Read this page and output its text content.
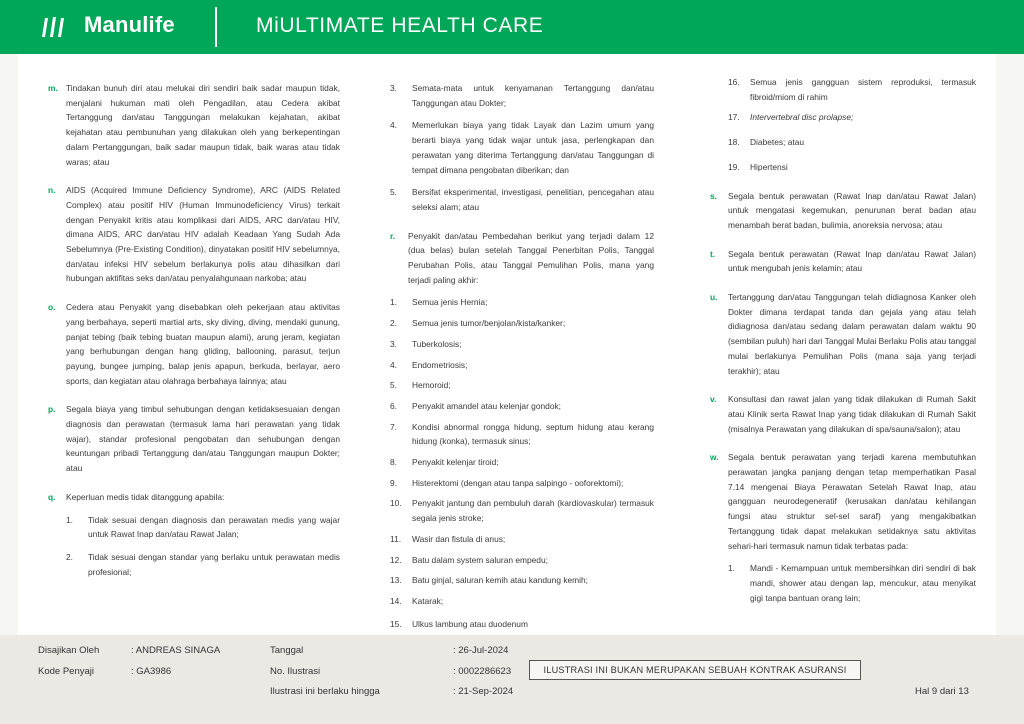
Manulife	MiULTIMATE HEALTH CARE
m. Tindakan bunuh diri atau melukai diri sendiri baik sadar maupun tidak, menjalani hukuman mati oleh Pengadilan, atau Cedera akibat Tertanggung dan/atau Tanggungan melakukan kejahatan, akibat kejahatan atau pembunuhan yang dilakukan oleh yang berkepentingan dalam Pertanggungan, baik sadar maupun tidak, baik waras atau tidak waras; atau
n. AIDS (Acquired Immune Deficiency Syndrome), ARC (AIDS Related Complex) atau positif HIV (Human Immunodeficiency Virus) terkait dengan Penyakit kritis atau komplikasi dari AIDS, ARC dan/atau HIV, dimana AIDS, ARC dan/atau HIV adalah Keadaan Yang Sudah Ada Sebelumnya (Pre-Existing Condition), dinyatakan positif HIV sebelumnya, dan/atau infeksi HIV sebelum berlakunya polis atau dihasilkan dari hubungan aktifitas seks dan/atau penyalahgunaan narkoba; atau
o. Cedera atau Penyakit yang disebabkan oleh pekerjaan atau aktivitas yang berbahaya, seperti martial arts, sky diving, diving, mendaki gunung, panjat tebing (baik tebing buatan maupun alami), arung jeram, kegiatan yang berhubungan dengan hang gliding, ballooning, parasut, terjun payung, bungee jumping, balap jenis apapun, berkuda, berlayar, aero sports, dan kegiatan atau olahraga berbahaya lainnya; atau
p. Segala biaya yang timbul sehubungan dengan ketidaksesuaian dengan diagnosis dan perawatan (termasuk lama hari perawatan yang tidak wajar), standar profesional pengobatan dan sehubungan dengan keuntungan pribadi Tertanggung dan/atau Tanggungan maupun Dokter; atau
q. Keperluan medis tidak ditanggung apabila:
1. Tidak sesuai dengan diagnosis dan perawatan medis yang wajar untuk Rawat Inap dan/atau Rawat Jalan;
2. Tidak sesuai dengan standar yang berlaku untuk perawatan medis profesional;
3. Semata-mata untuk kenyamanan Tertanggung dan/atau Tanggungan atau Dokter;
4. Memerlukan biaya yang tidak Layak dan Lazim umum yang berarti biaya yang tidak wajar untuk jasa, perlengkapan dan perawatan yang diterima Tertanggung dan/atau Tanggungan di tempat dimana pengobatan diberikan; dan
5. Bersifat eksperimental, investigasi, penelitian, pencegahan atau seleksi alam; atau
r. Penyakit dan/atau Pembedahan berikut yang terjadi dalam 12 (dua belas) bulan setelah Tanggal Penerbitan Polis, Tanggal Perubahan Polis, atau Tanggal Pemulihan Polis, mana yang terjadi paling akhir:
1. Semua jenis Hernia;
2. Semua jenis tumor/benjolan/kista/kanker;
3. Tuberkolosis;
4. Endometriosis;
5. Hemoroid;
6. Penyakit amandel atau kelenjar gondok;
7. Kondisi abnormal rongga hidung, septum hidung atau kerang hidung (konka), termasuk sinus;
8. Penyakit kelenjar tiroid;
9. Histerektomi (dengan atau tanpa salpingo - ooforektomi);
10. Penyakit jantung dan pembuluh darah (kardiovaskular) termasuk segala jenis stroke;
11. Wasir dan fistula di anus;
12. Batu dalam system saluran empedu;
13. Batu ginjal, saluran kemih atau kandung kemih;
14. Katarak;
15. Ulkus lambung atau duodenum
16. Semua jenis gangguan sistem reproduksi, termasuk fibroid/miom di rahim
17. Intervertebral disc prolapse;
18. Diabetes; atau
19. Hipertensi
s. Segala bentuk perawatan (Rawat Inap dan/atau Rawat Jalan) untuk mengatasi kegemukan, penurunan berat badan atau menambah berat badan, bulimia, anoreksia nervosa; atau
t. Segala bentuk perawatan (Rawat Inap dan/atau Rawat Jalan) untuk mengubah jenis kelamin; atau
u. Tertanggung dan/atau Tanggungan telah didiagnosa Kanker oleh Dokter dimana terdapat tanda dan gejala yang atau telah didiagnosa dan/atau sedang dalam perawatan dalam waktu 90 (sembilan puluh) hari dari Tanggal Mulai Berlaku Polis atau tanggal mulai berlakunya Pemulihan Polis (mana saja yang terjadi terakhir); atau
v. Konsultasi dan rawat jalan yang tidak dilakukan di Rumah Sakit atau Klinik serta Rawat Inap yang tidak dilakukan di Rumah Sakit (misalnya Perawatan yang dilakukan di spa/sauna/salon); atau
w. Segala bentuk perawatan yang terjadi karena membutuhkan perawatan jangka panjang dengan tetap memperhatikan Pasal 7.14 mengenai Biaya Perawatan Setelah Rawat Inap, atau gangguan neurodegeneratif (kerusakan dan/atau kehilangan fungsi atau struktur sel-sel saraf) yang mengakibatkan Tertanggung tidak dapat melakukan setidaknya satu aktivitas sehari-hari termasuk namun tidak terbatas pada:
1. Mandi - Kemampuan untuk membersihkan diri sendiri di bak mandi, shower atau dengan lap, mencukur, atau menyikat gigi tanpa bantuan orang lain;
Disajikan Oleh	: ANDREAS SINAGA
Kode Penyaji	: GA3986
Tanggal	: 26-Jul-2024
No. Ilustrasi	: 0002286623
Ilustrasi ini berlaku hingga	: 21-Sep-2024
ILUSTRASI INI BUKAN MERUPAKAN SEBUAH KONTRAK ASURANSI
Hal 9 dari 13
